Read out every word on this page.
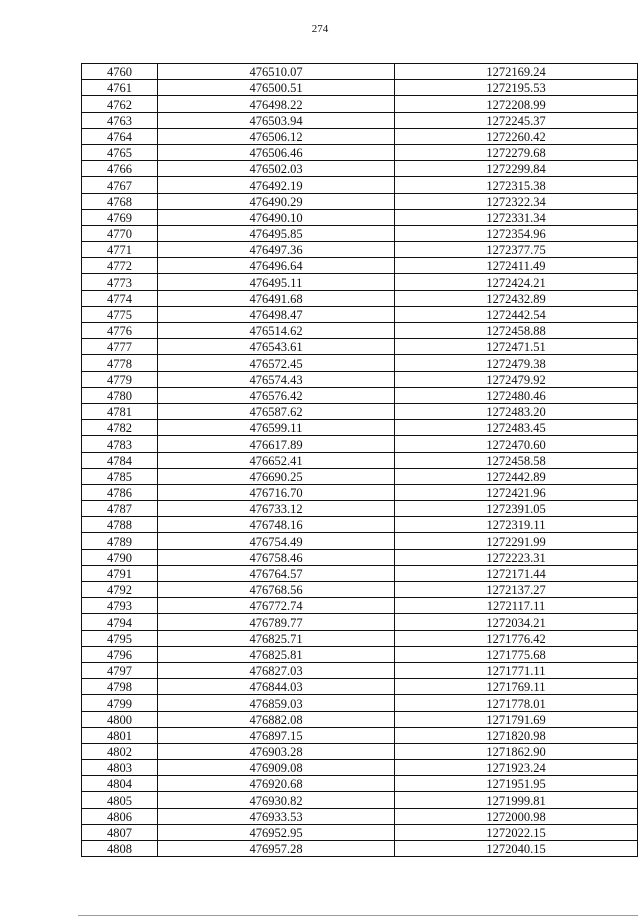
274
4760	476510.07	1272169.24
4761	476500.51	1272195.53
4762	476498.22	1272208.99
4763	476503.94	1272245.37
4764	476506.12	1272260.42
4765	476506.46	1272279.68
4766	476502.03	1272299.84
4767	476492.19	1272315.38
4768	476490.29	1272322.34
4769	476490.10	1272331.34
4770	476495.85	1272354.96
4771	476497.36	1272377.75
4772	476496.64	1272411.49
4773	476495.11	1272424.21
4774	476491.68	1272432.89
4775	476498.47	1272442.54
4776	476514.62	1272458.88
4777	476543.61	1272471.51
4778	476572.45	1272479.38
4779	476574.43	1272479.92
4780	476576.42	1272480.46
4781	476587.62	1272483.20
4782	476599.11	1272483.45
4783	476617.89	1272470.60
4784	476652.41	1272458.58
4785	476690.25	1272442.89
4786	476716.70	1272421.96
4787	476733.12	1272391.05
4788	476748.16	1272319.11
4789	476754.49	1272291.99
4790	476758.46	1272223.31
4791	476764.57	1272171.44
4792	476768.56	1272137.27
4793	476772.74	1272117.11
4794	476789.77	1272034.21
4795	476825.71	1271776.42
4796	476825.81	1271775.68
4797	476827.03	1271771.11
4798	476844.03	1271769.11
4799	476859.03	1271778.01
4800	476882.08	1271791.69
4801	476897.15	1271820.98
4802	476903.28	1271862.90
4803	476909.08	1271923.24
4804	476920.68	1271951.95
4805	476930.82	1271999.81
4806	476933.53	1272000.98
4807	476952.95	1272022.15
4808	476957.28	1272040.15
